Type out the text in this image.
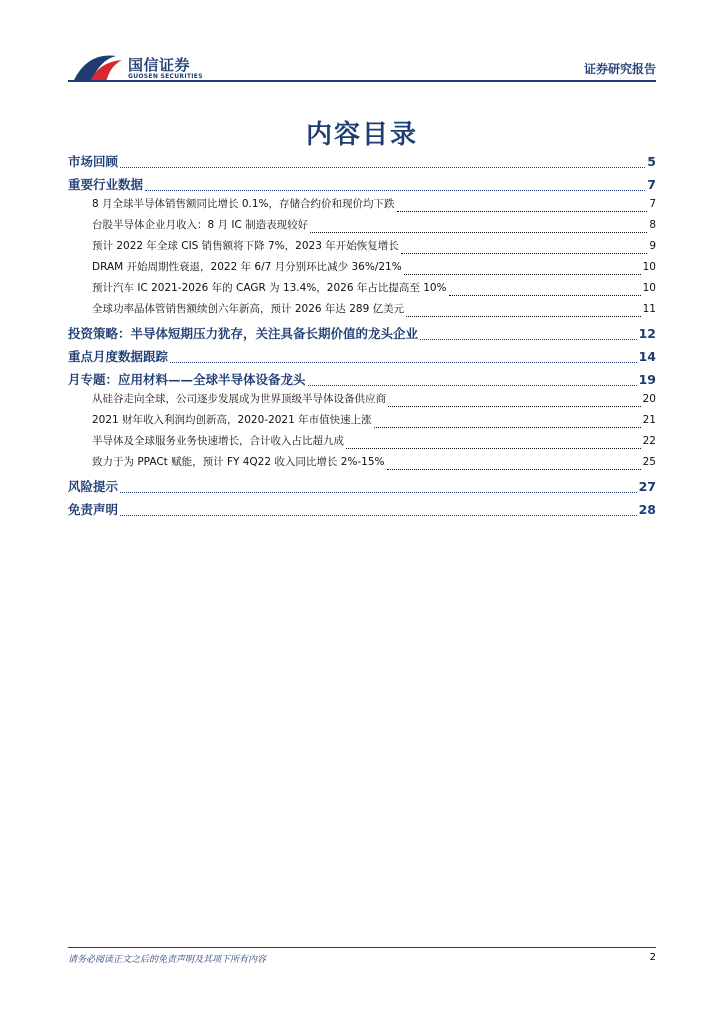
国信证券
GUOSEN SECURITIES
证券研究报告
内容目录
市场回顾	5
重要行业数据	7
8 月全球半导体销售额同比增长 0.1%，存储合约价和现价均下跌	7
台股半导体企业月收入：8 月 IC 制造表现较好	8
预计 2022 年全球 CIS 销售额将下降 7%，2023 年开始恢复增长	9
DRAM 开始周期性衰退，2022 年 6/7 月分别环比减少 36%/21%	10
预计汽车 IC 2021-2026 年的 CAGR 为 13.4%，2026 年占比提高至 10%	10
全球功率晶体管销售额续创六年新高，预计 2026 年达 289 亿美元	11
投资策略：半导体短期压力犹存，关注具备长期价值的龙头企业	12
重点月度数据跟踪	14
月专题：应用材料——全球半导体设备龙头	19
从硅谷走向全球，公司逐步发展成为世界顶级半导体设备供应商	20
2021 财年收入利润均创新高，2020-2021 年市值快速上涨	21
半导体及全球服务业务快速增长，合计收入占比超九成	22
致力于为 PPACt 赋能，预计 FY 4Q22 收入同比增长 2%-15%	25
风险提示	27
免责声明	28
请务必阅读正文之后的免责声明及其项下所有内容	2
